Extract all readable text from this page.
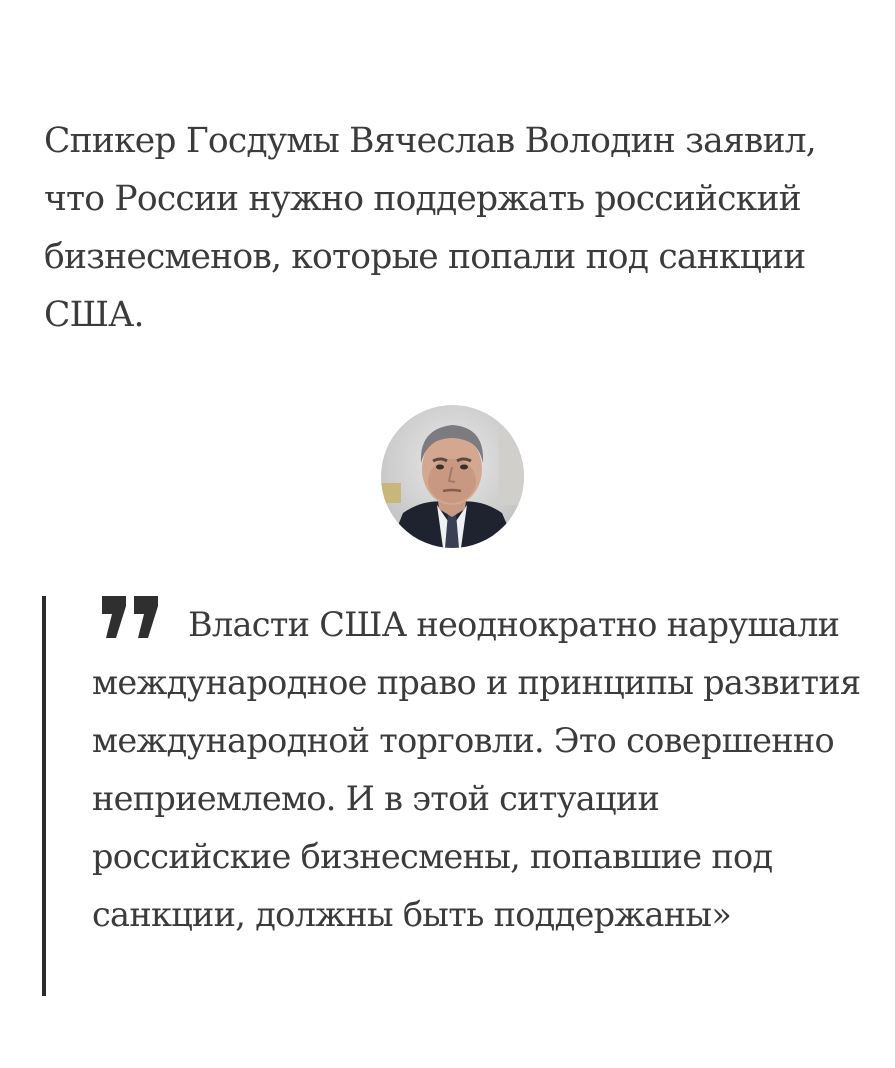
Спикер Госдумы Вячеслав Володин заявил, что России нужно поддержать российский бизнесменов, которые попали под санкции США.

Власти США неоднократно нарушали международное право и принципы развития международной торговли. Это совершенно неприемлемо. И в этой ситуации российские бизнесмены, попавшие под санкции, должны быть поддержаны»
